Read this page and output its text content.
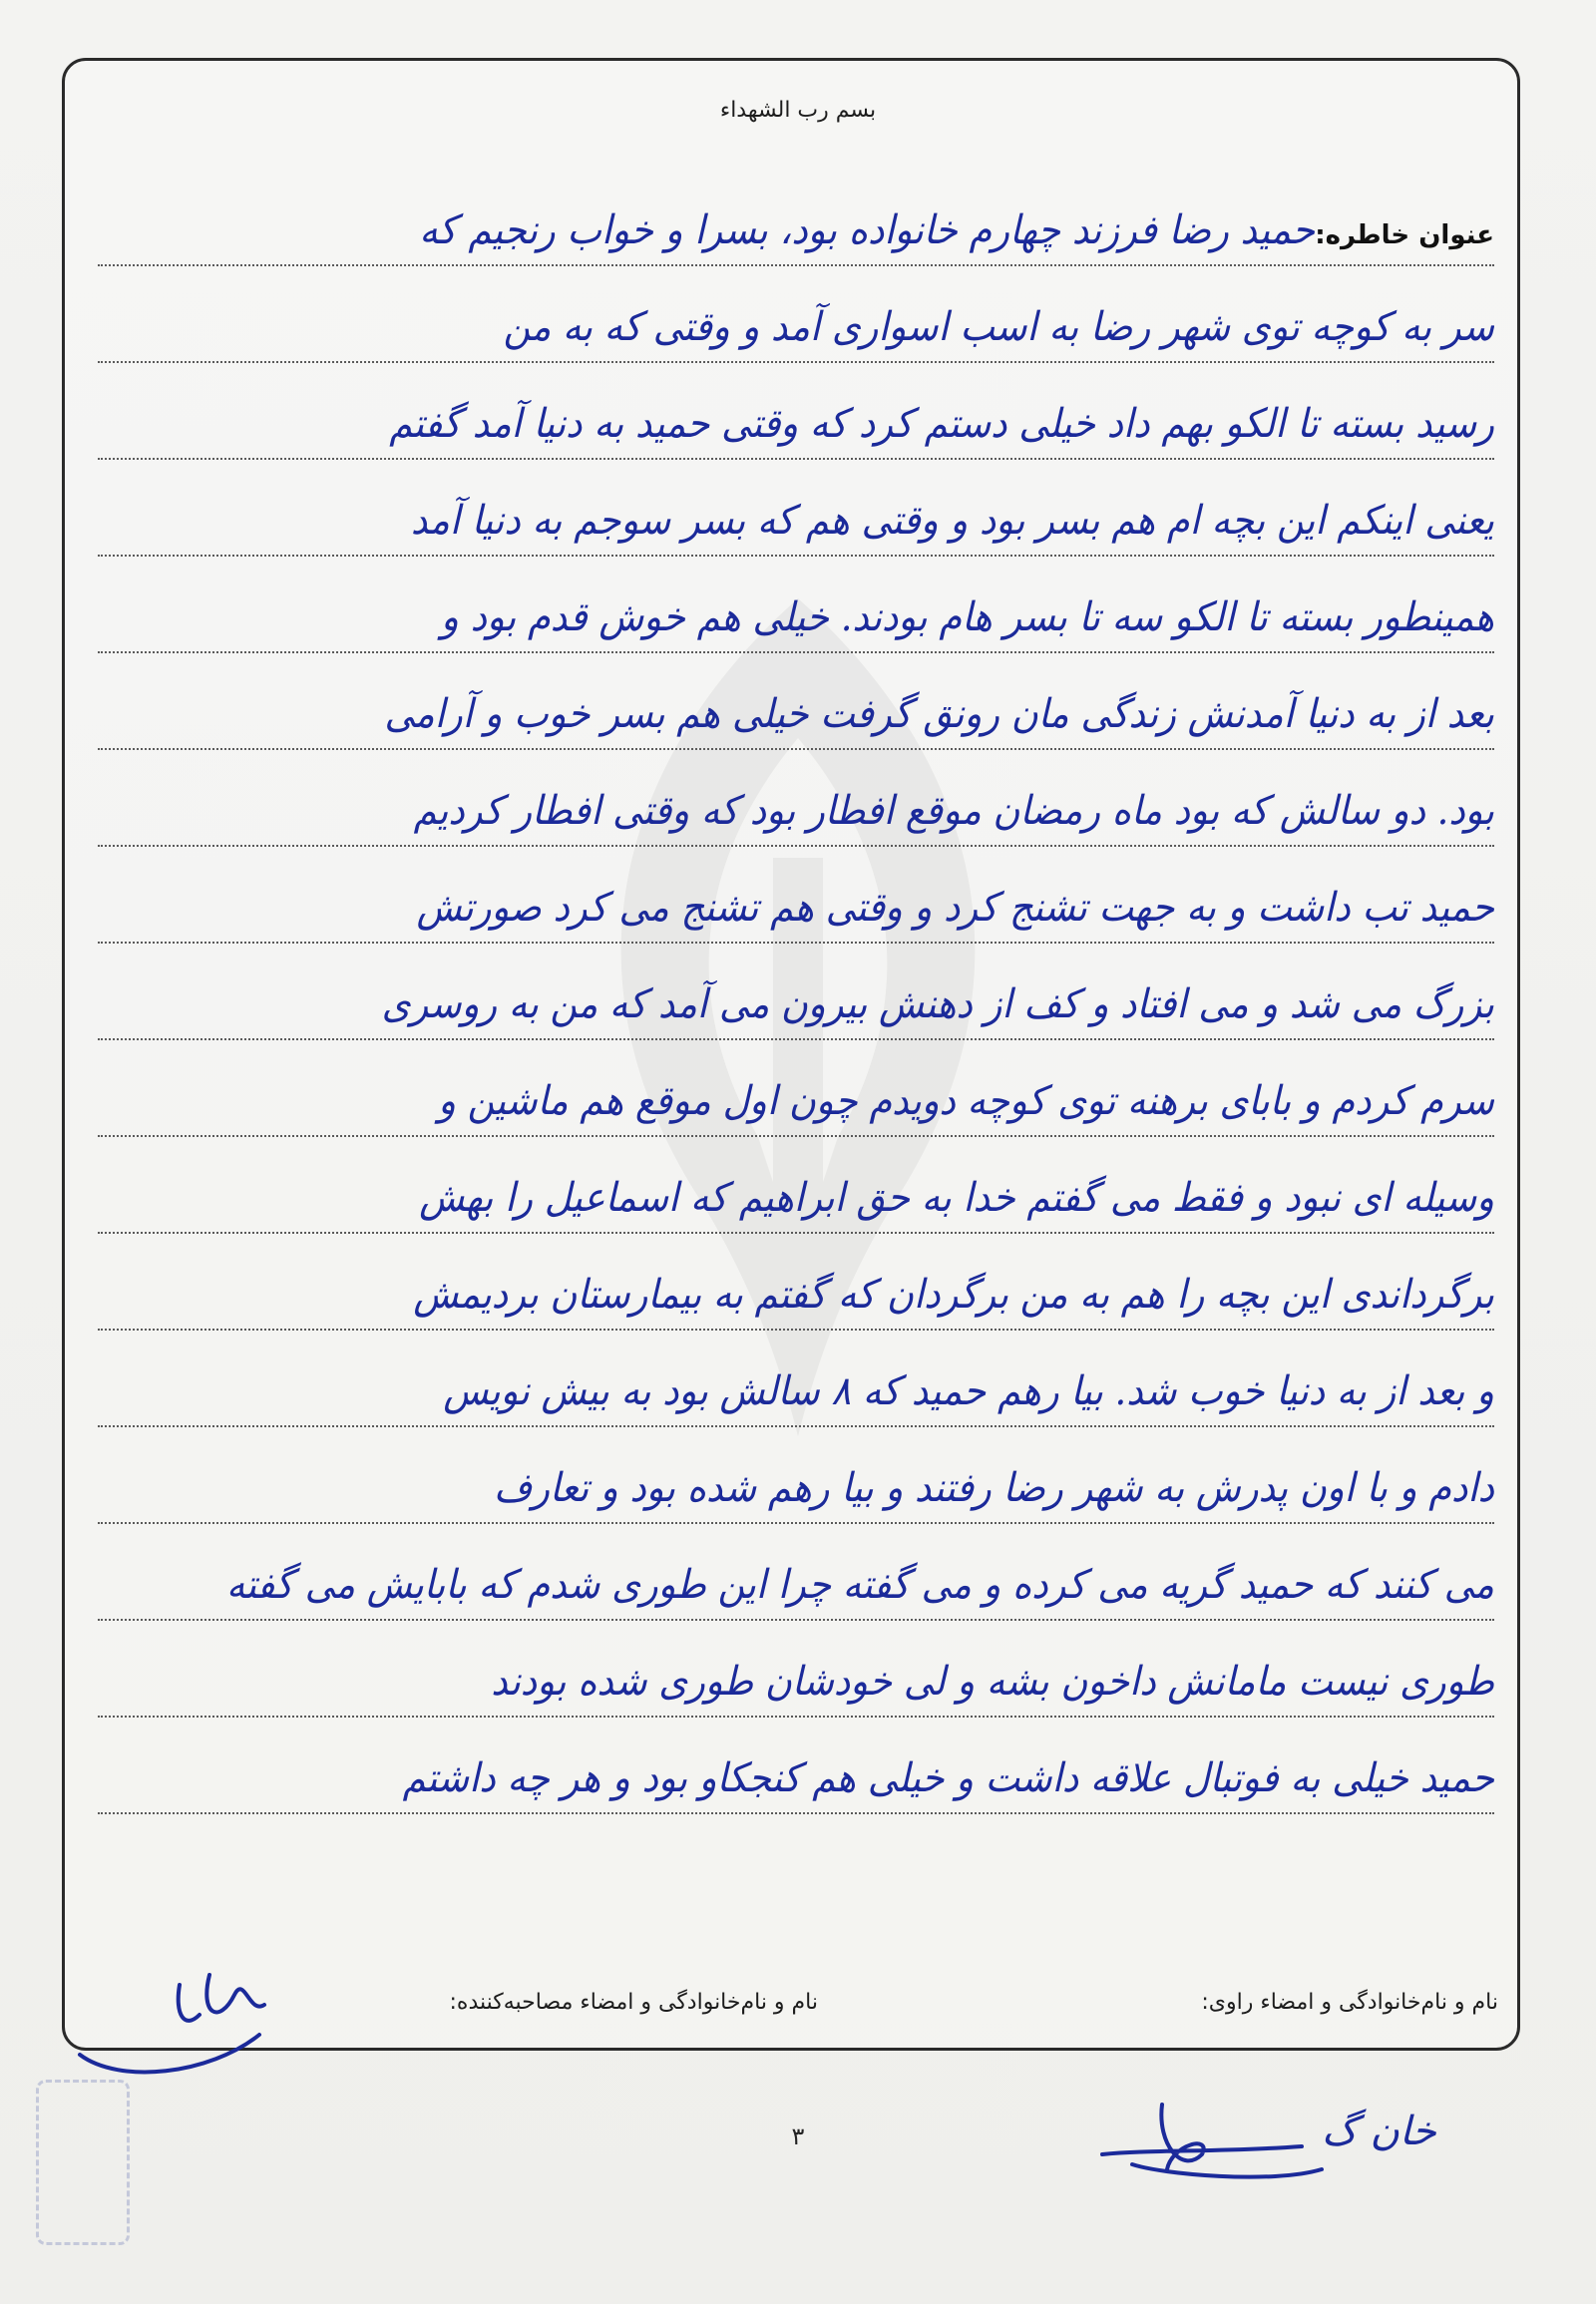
بسم رب الشهداء
عنوان خاطره:
حمید رضا فرزند چهارم خانواده بود، بسرا و خواب رنجیم که
سر به کوچه توی شهر رضا به اسب اسواری آمد و وقتی که به من
رسید بسته تا الکو بهم داد خیلی دستم کرد که وقتی حمید به دنیا آمد گفتم
یعنی اینکم این بچه ام هم بسر بود و وقتی هم که بسر سوجم به دنیا آمد
همینطور بسته تا الکو سه تا بسر هام بودند. خیلی هم خوش قدم بود و
بعد از به دنیا آمدنش زندگی مان رونق گرفت خیلی هم بسر خوب و آرامی
بود. دو سالش که بود ماه رمضان موقع افطار بود که وقتی افطار کردیم
حمید تب داشت و به جهت تشنج کرد و وقتی هم تشنج می کرد صورتش
بزرگ می شد و می افتاد و کف از دهنش بیرون می آمد که من به روسری
سرم کردم و بابای برهنه توی کوچه دویدم چون اول موقع هم ماشین و
وسیله ای نبود و فقط می گفتم خدا به حق ابراهیم که اسماعیل را بهش
برگرداندی این بچه را هم به من برگردان که گفتم به بیمارستان بردیمش
و بعد از به دنیا خوب شد. بیا رهم حمید که ۸ سالش بود به بیش نویس
دادم و با اون پدرش به شهر رضا رفتند و بیا رهم شده بود و تعارف
می کنند که حمید گریه می کرده و می گفته چرا این طوری شدم که بابایش می گفته
طوری نیست مامانش داخون بشه و لی خودشان طوری شده بودند
حمید خیلی به فوتبال علاقه داشت و خیلی هم کنجکاو بود و هر چه داشتم
نام و نام‌خانوادگی و امضاء راوی:
نام و نام‌خانوادگی و امضاء مصاحبه‌کننده:
خان گ
۳
